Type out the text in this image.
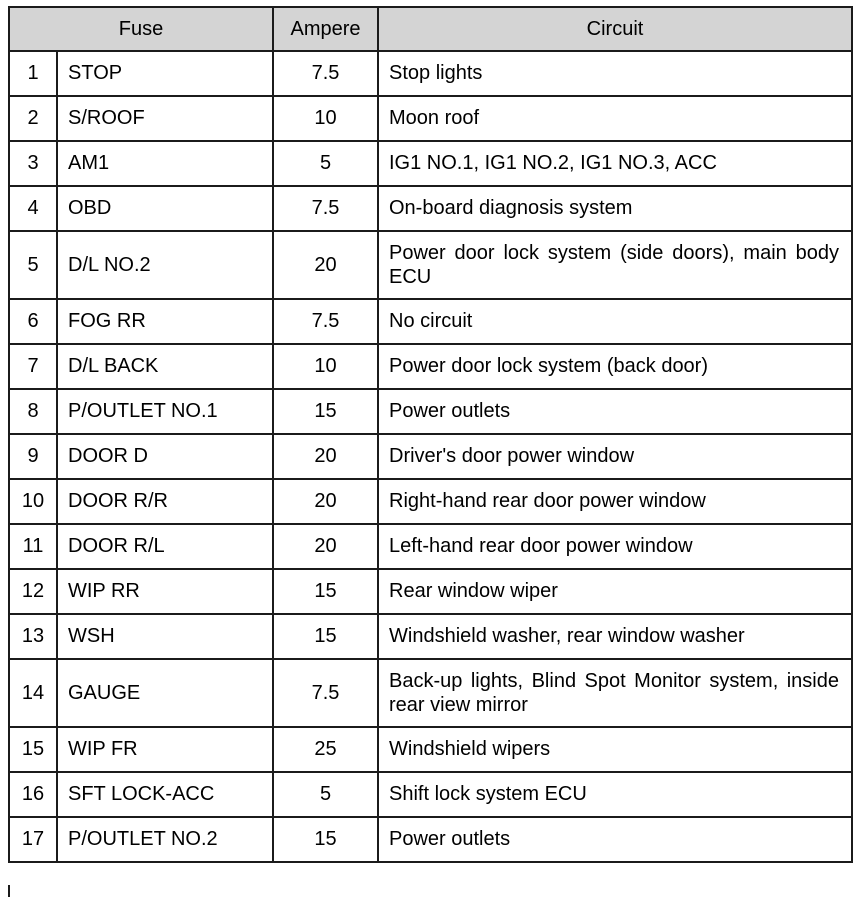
Fuse		Ampere	Circuit
1	STOP	7.5	Stop lights
2	S/ROOF	10	Moon roof
3	AM1	5	IG1 NO.1, IG1 NO.2, IG1 NO.3, ACC
4	OBD	7.5	On-board diagnosis system
5	D/L NO.2	20	Power door lock system (side doors), main body ECU
6	FOG RR	7.5	No circuit
7	D/L BACK	10	Power door lock system (back door)
8	P/OUTLET NO.1	15	Power outlets
9	DOOR D	20	Driver's door power window
10	DOOR R/R	20	Right-hand rear door power window
11	DOOR R/L	20	Left-hand rear door power window
12	WIP RR	15	Rear window wiper
13	WSH	15	Windshield washer, rear window washer
14	GAUGE	7.5	Back-up lights, Blind Spot Monitor system, inside rear view mirror
15	WIP FR	25	Windshield wipers
16	SFT LOCK-ACC	5	Shift lock system ECU
17	P/OUTLET NO.2	15	Power outlets
